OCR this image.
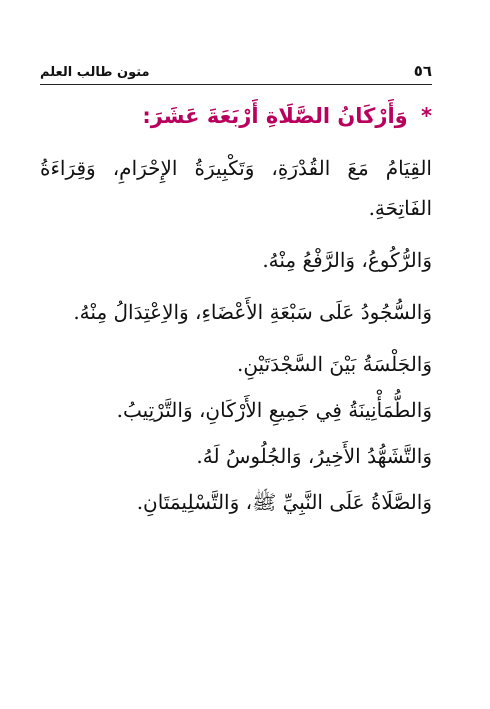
٥٦
متون طالب العلم
* وَأَرْكَانُ الصَّلَاةِ أَرْبَعَةَ عَشَرَ:

القِيَامُ مَعَ القُدْرَةِ، وَتَكْبِيرَةُ الإِحْرَامِ، وَقِرَاءَةُ الفَاتِحَةِ.

وَالرُّكُوعُ، وَالرَّفْعُ مِنْهُ.

وَالسُّجُودُ عَلَى سَبْعَةِ الأَعْضَاءِ، وَالاِعْتِدَالُ مِنْهُ.

وَالجَلْسَةُ بَيْنَ السَّجْدَتَيْنِ.

وَالطُّمَأْنِينَةُ فِي جَمِيعِ الأَرْكَانِ، وَالتَّرْتِيبُ.

وَالتَّشَهُّدُ الأَخِيرُ، وَالجُلُوسُ لَهُ.

وَالصَّلَاةُ عَلَى النَّبِيِّ ﷺ، وَالتَّسْلِيمَتَانِ.
